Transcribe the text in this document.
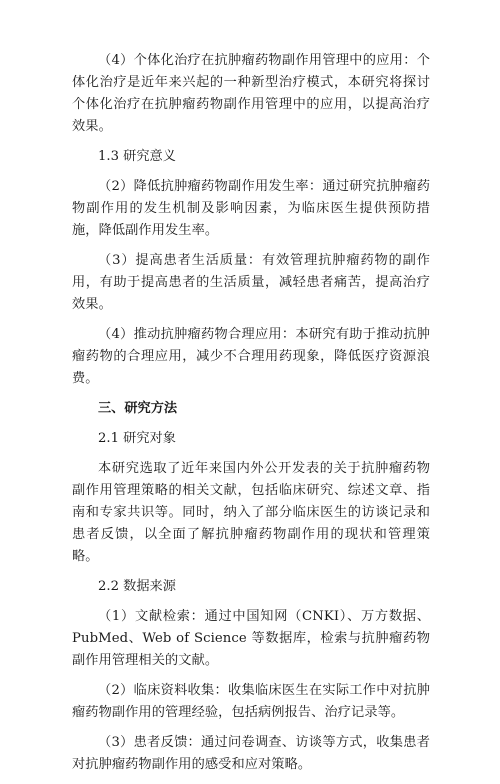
（4）个体化治疗在抗肿瘤药物副作用管理中的应用：个体化治疗是近年来兴起的一种新型治疗模式，本研究将探讨个体化治疗在抗肿瘤药物副作用管理中的应用，以提高治疗效果。

1.3 研究意义

（2）降低抗肿瘤药物副作用发生率：通过研究抗肿瘤药物副作用的发生机制及影响因素，为临床医生提供预防措施，降低副作用发生率。

（3）提高患者生活质量：有效管理抗肿瘤药物的副作用，有助于提高患者的生活质量，减轻患者痛苦，提高治疗效果。

（4）推动抗肿瘤药物合理应用：本研究有助于推动抗肿瘤药物的合理应用，减少不合理用药现象，降低医疗资源浪费。

三、研究方法

2.1 研究对象

本研究选取了近年来国内外公开发表的关于抗肿瘤药物副作用管理策略的相关文献，包括临床研究、综述文章、指南和专家共识等。同时，纳入了部分临床医生的访谈记录和患者反馈，以全面了解抗肿瘤药物副作用的现状和管理策略。

2.2 数据来源

（1）文献检索：通过中国知网（CNKI）、万方数据、PubMed、Web of Science 等数据库，检索与抗肿瘤药物副作用管理相关的文献。

（2）临床资料收集：收集临床医生在实际工作中对抗肿瘤药物副作用的管理经验，包括病例报告、治疗记录等。

（3）患者反馈：通过问卷调查、访谈等方式，收集患者对抗肿瘤药物副作用的感受和应对策略。
